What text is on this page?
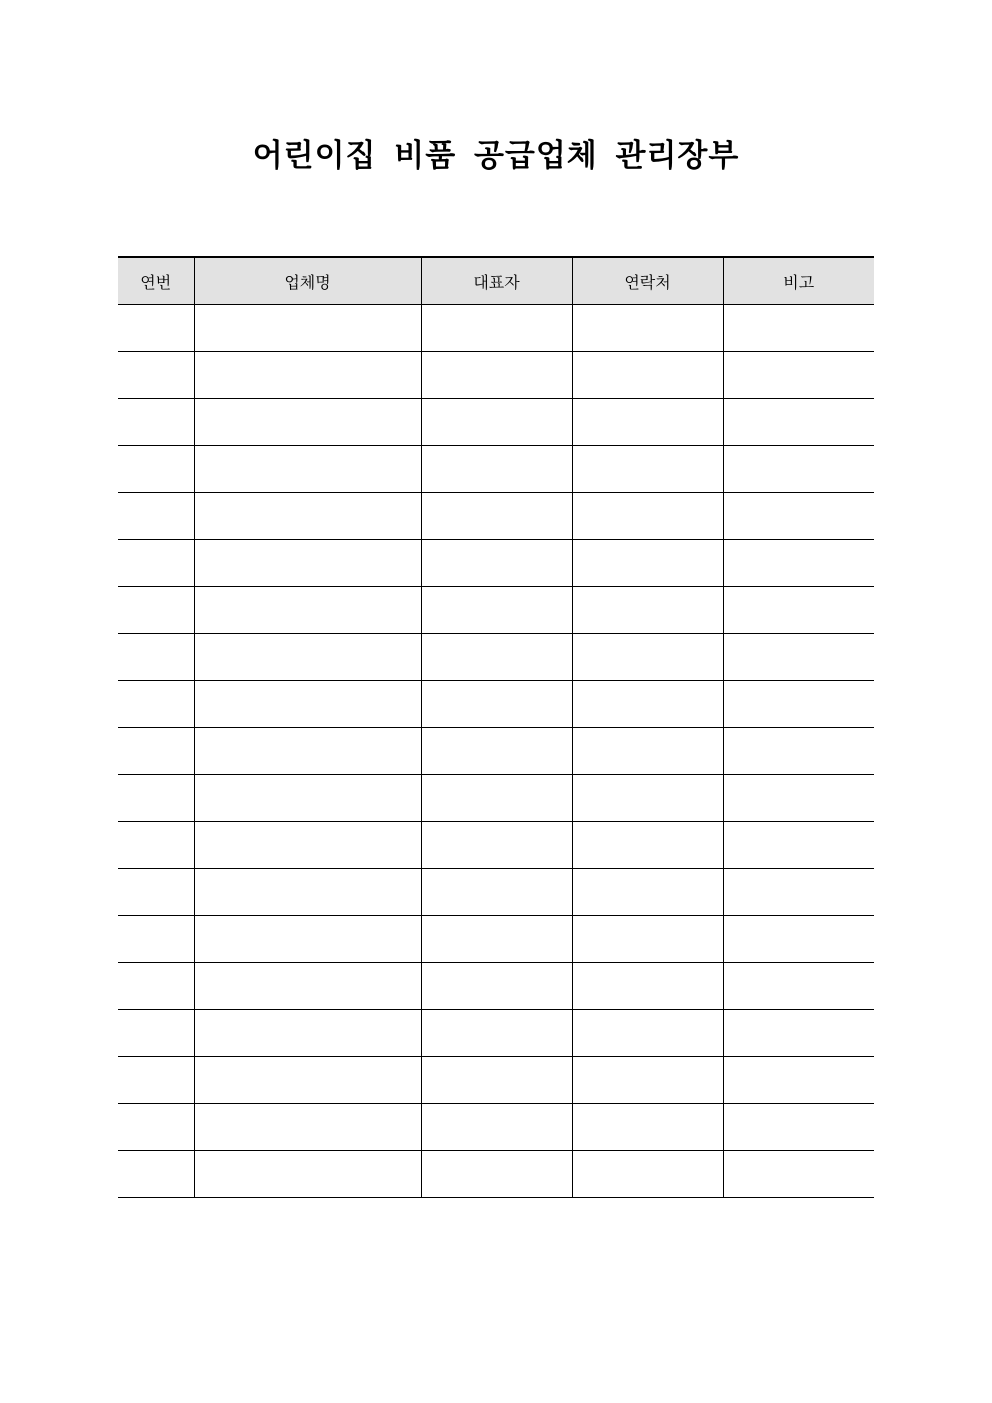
어린이집 비품 공급업체 관리장부
연번	업체명	대표자	연락처	비고
